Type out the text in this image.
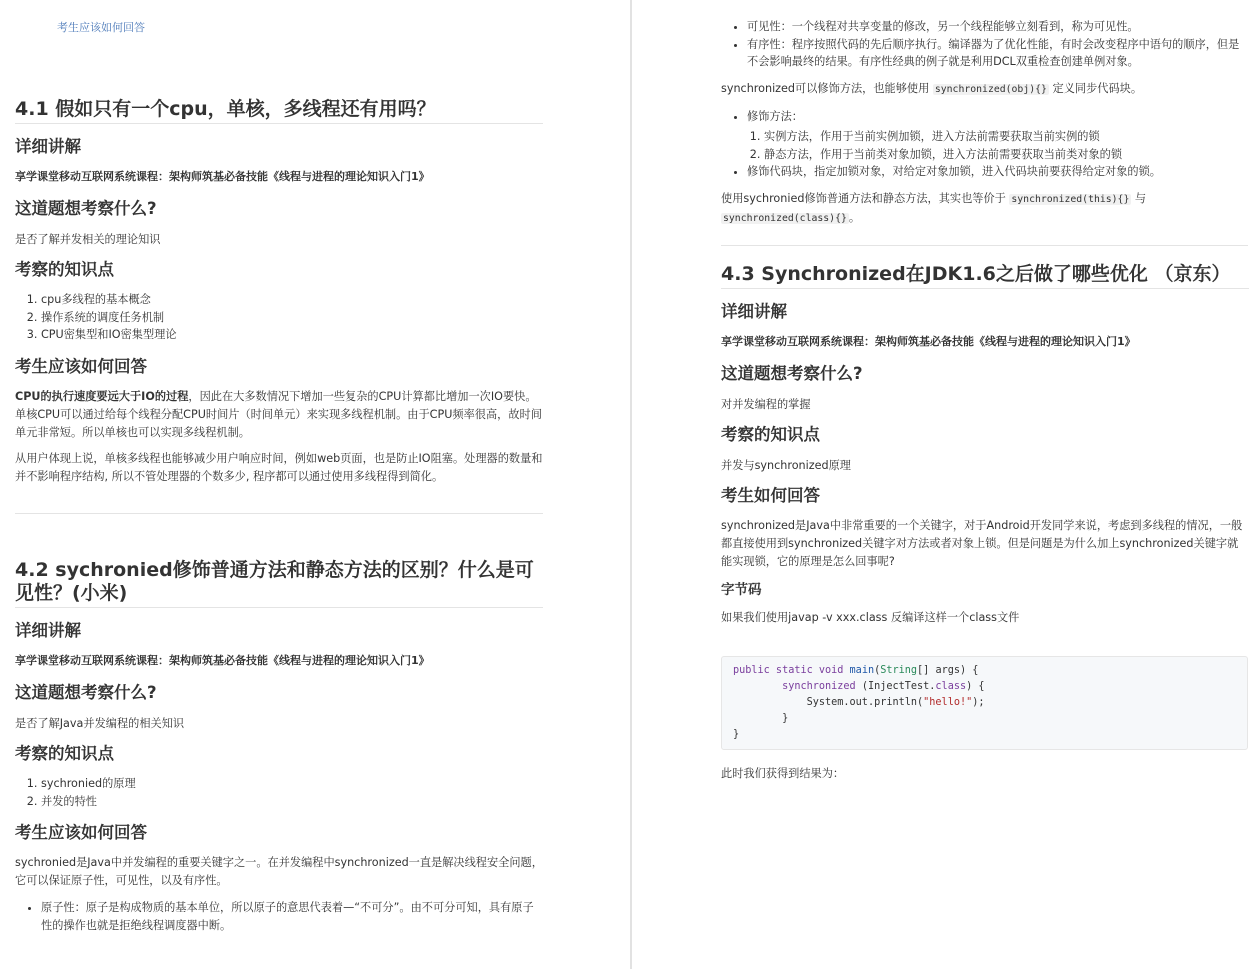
考生应该如何回答
4.1 假如只有一个cpu，单核，多线程还有用吗？
详细讲解
享学课堂移动互联网系统课程：架构师筑基必备技能《线程与进程的理论知识入门1》
这道题想考察什么?
是否了解并发相关的理论知识
考察的知识点
1. cpu多线程的基本概念
2. 操作系统的调度任务机制
3. CPU密集型和IO密集型理论
考生应该如何回答

CPU的执行速度要远大于IO的过程，因此在大多数情况下增加一些复杂的CPU计算都比增加一次IO要快。单核CPU可以通过给每个线程分配CPU时间片（时间单元）来实现多线程机制。由于CPU频率很高，故时间单元非常短。所以单核也可以实现多线程机制。

从用户体现上说，单核多线程也能够减少用户响应时间，例如web页面，也是防止IO阻塞。处理器的数量和并不影响程序结构, 所以不管处理器的个数多少, 程序都可以通过使用多线程得到简化。

4.2 sychronied修饰普通方法和静态方法的区别？什么是可见性？(小米)
详细讲解
享学课堂移动互联网系统课程：架构师筑基必备技能《线程与进程的理论知识入门1》
这道题想考察什么?
是否了解Java并发编程的相关知识
考察的知识点
1. sychronied的原理
2. 并发的特性
考生应该如何回答

sychronied是Java中并发编程的重要关键字之一。在并发编程中synchronized一直是解决线程安全问题，它可以保证原子性，可见性，以及有序性。

• 原子性：原子是构成物质的基本单位，所以原子的意思代表着—“不可分”。由不可分可知，具有原子性的操作也就是拒绝线程调度器中断。
• 可见性：一个线程对共享变量的修改，另一个线程能够立刻看到，称为可见性。
• 有序性：程序按照代码的先后顺序执行。编译器为了优化性能，有时会改变程序中语句的顺序，但是不会影响最终的结果。有序性经典的例子就是利用DCL双重检查创建单例对象。

synchronized可以修饰方法，也能够使用 synchronized(obj){} 定义同步代码块。

• 修饰方法：
1. 实例方法，作用于当前实例加锁，进入方法前需要获取当前实例的锁
2. 静态方法，作用于当前类对象加锁，进入方法前需要获取当前类对象的锁
• 修饰代码块，指定加锁对象，对给定对象加锁，进入代码块前要获得给定对象的锁。

使用sychronied修饰普通方法和静态方法，其实也等价于 synchronized(this){} 与 synchronized(class){} 。

4.3 Synchronized在JDK1.6之后做了哪些优化 （京东）
详细讲解
享学课堂移动互联网系统课程：架构师筑基必备技能《线程与进程的理论知识入门1》
这道题想考察什么?
对并发编程的掌握
考察的知识点
并发与synchronized原理
考生如何回答

synchronized是Java中非常重要的一个关键字，对于Android开发同学来说，考虑到多线程的情况，一般都直接使用到synchronized关键字对方法或者对象上锁。但是问题是为什么加上synchronized关键字就能实现锁，它的原理是怎么回事呢?

字节码

如果我们使用javap -v xxx.class 反编译这样一个class文件

public static void main(String[] args) {
synchronized (InjectTest.class) {
System.out.println("hello!");
}
}
此时我们获得到结果为：
